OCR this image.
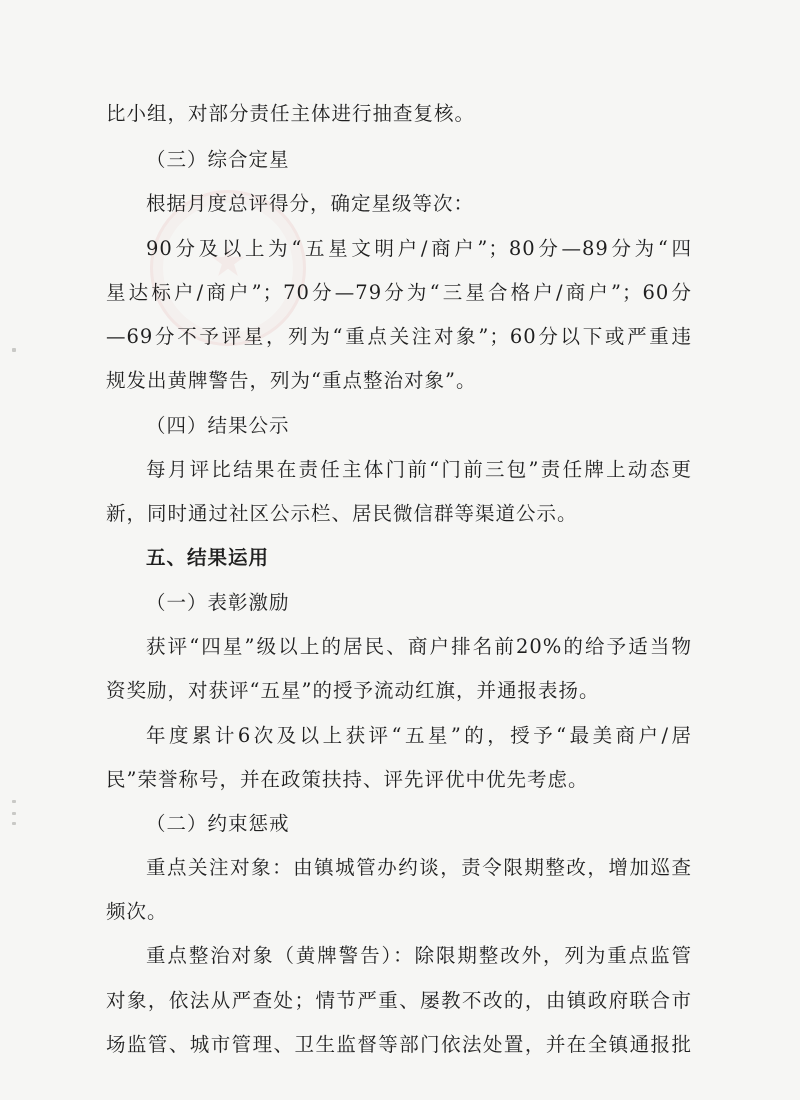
比小组，对部分责任主体进行抽查复核。
（三）综合定星
根据月度总评得分，确定星级等次：
90分及以上为“五星文明户/商户”；80分—89分为“四
星达标户/商户”；70分—79分为“三星合格户/商户”；60分
—69分不予评星，列为“重点关注对象”；60分以下或严重违
规发出黄牌警告，列为“重点整治对象”。
（四）结果公示
每月评比结果在责任主体门前“门前三包”责任牌上动态更
新，同时通过社区公示栏、居民微信群等渠道公示。
五、结果运用
（一）表彰激励
获评“四星”级以上的居民、商户排名前20%的给予适当物
资奖励，对获评“五星”的授予流动红旗，并通报表扬。
年度累计6次及以上获评“五星”的，授予“最美商户/居
民”荣誉称号，并在政策扶持、评先评优中优先考虑。
（二）约束惩戒
重点关注对象：由镇城管办约谈，责令限期整改，增加巡查
频次。
重点整治对象（黄牌警告）：除限期整改外，列为重点监管
对象，依法从严查处；情节严重、屡教不改的，由镇政府联合市
场监管、城市管理、卫生监督等部门依法处置，并在全镇通报批
